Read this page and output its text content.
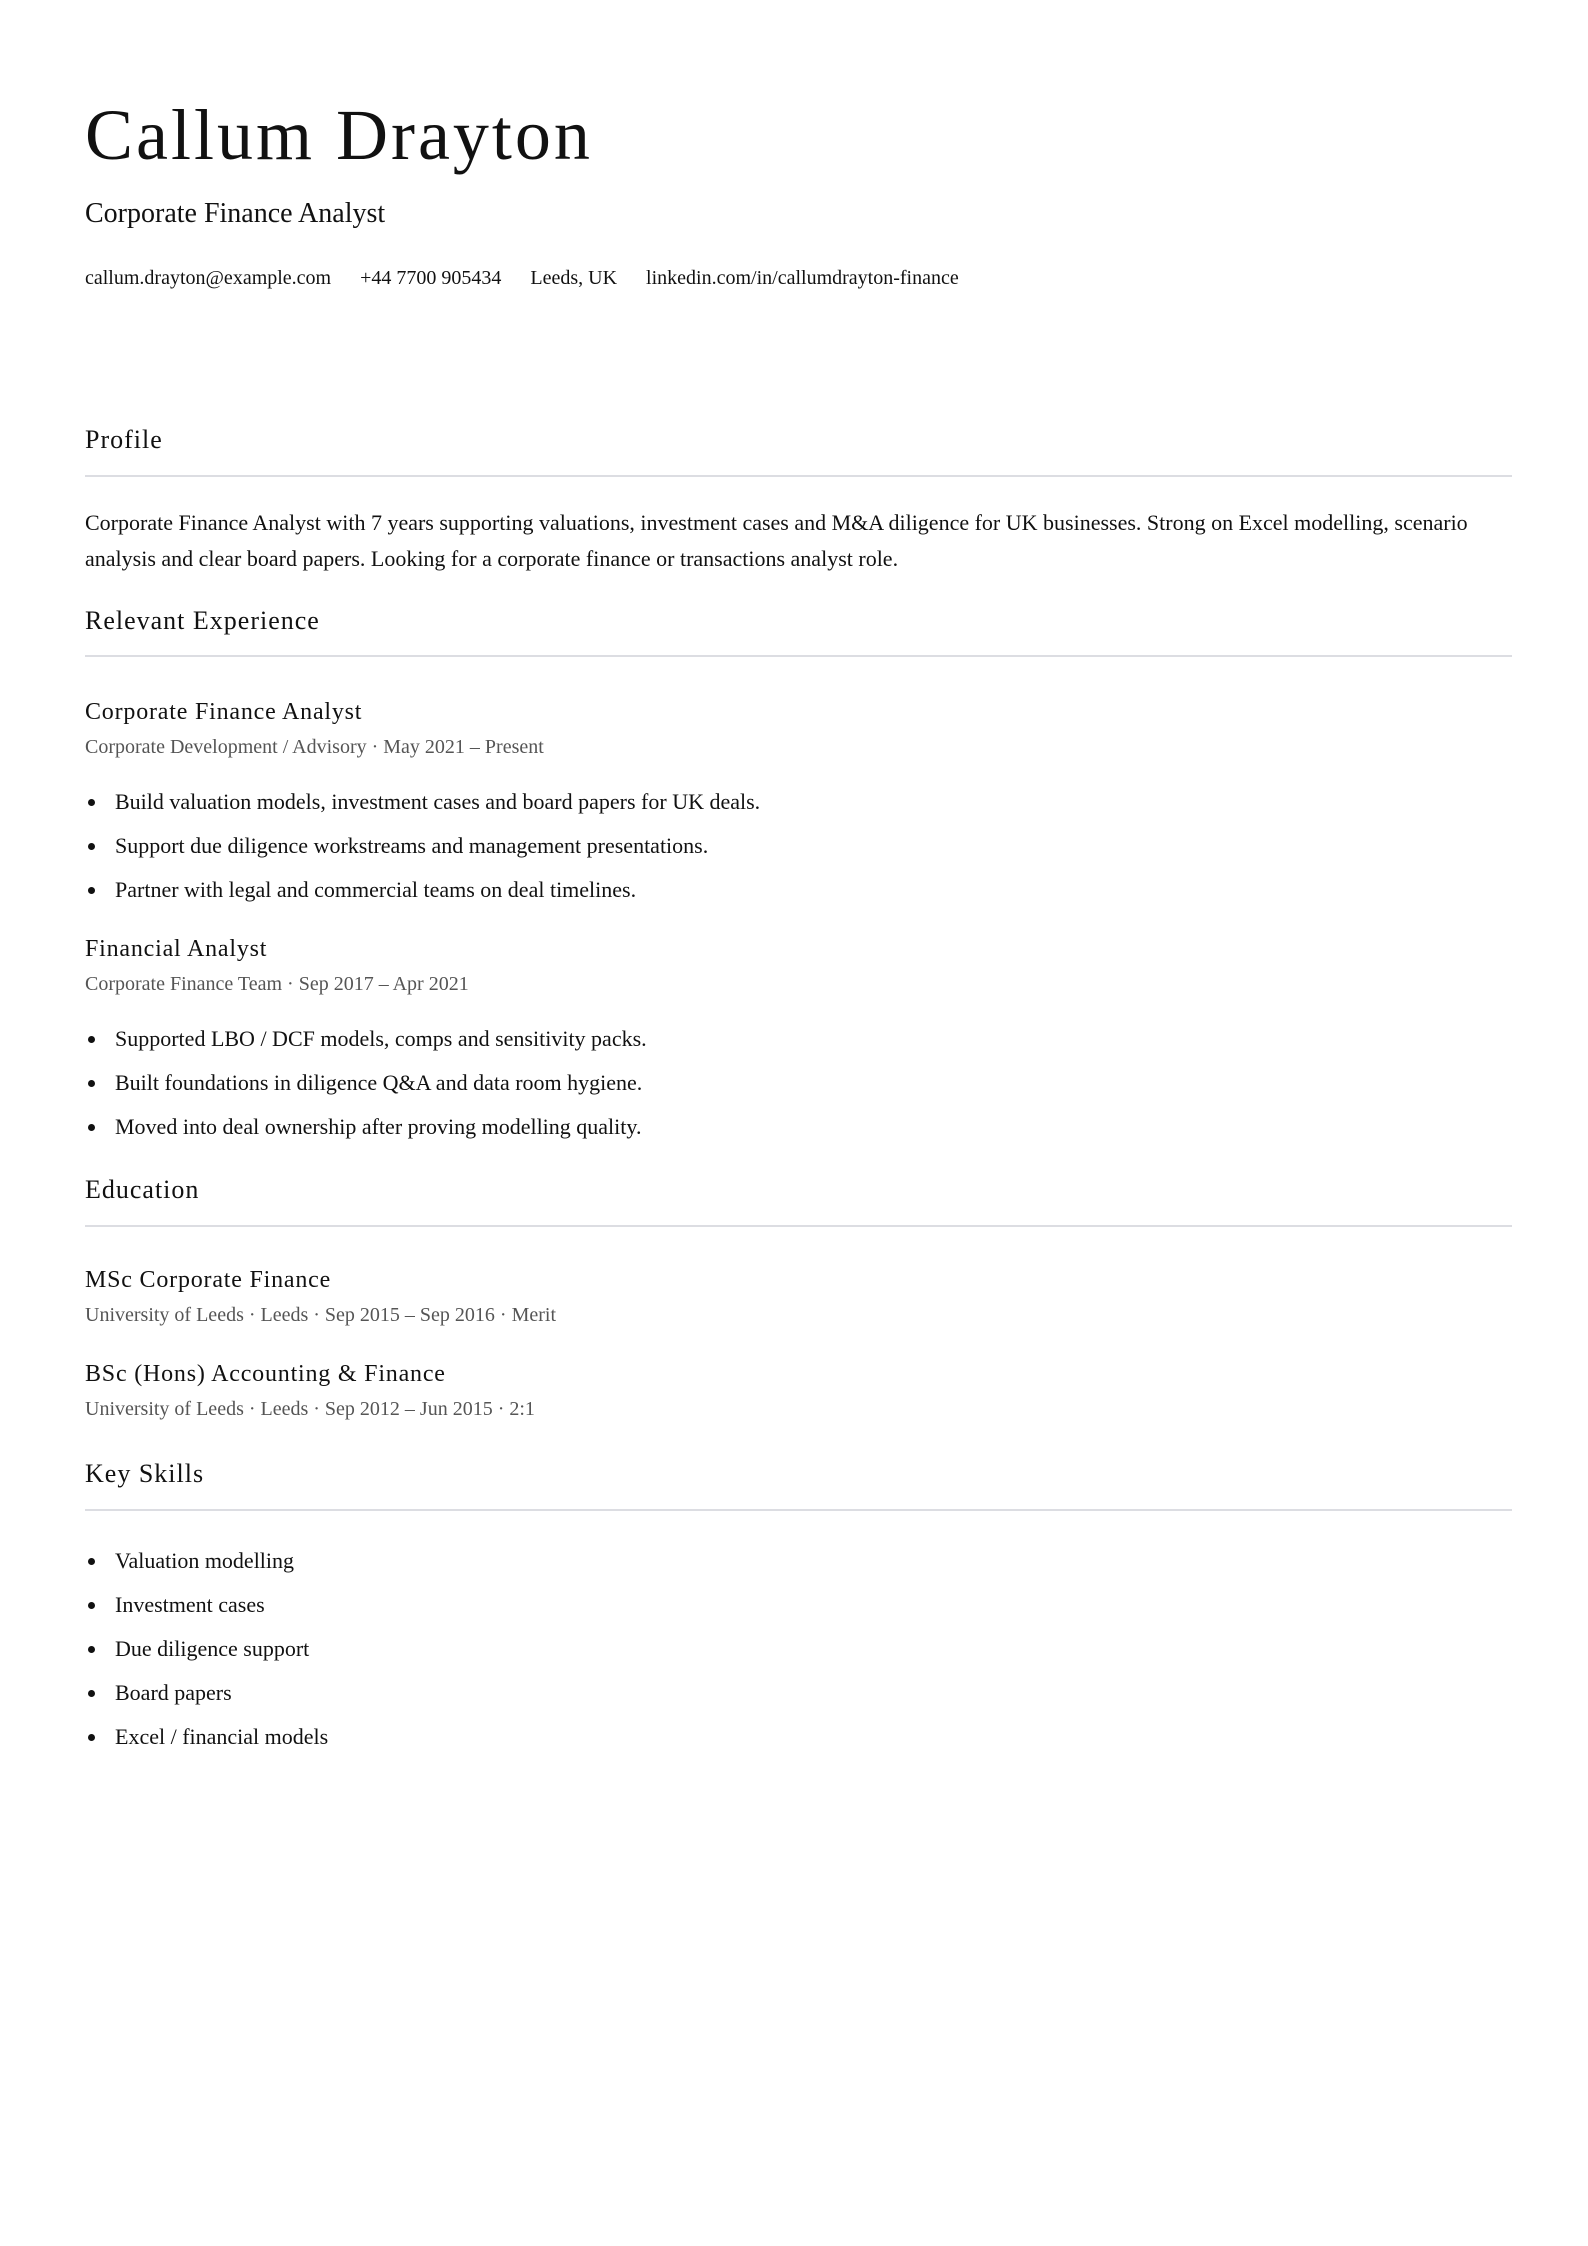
Callum Drayton
Corporate Finance Analyst
callum.drayton@example.com +44 7700 905434 Leeds, UK linkedin.com/in/callumdrayton-finance
Profile
Corporate Finance Analyst with 7 years supporting valuations, investment cases and M&A diligence for UK businesses. Strong on Excel modelling, scenario analysis and clear board papers. Looking for a corporate finance or transactions analyst role.
Relevant Experience
Corporate Finance Analyst
Corporate Development / Advisory · May 2021 – Present
Build valuation models, investment cases and board papers for UK deals.
Support due diligence workstreams and management presentations.
Partner with legal and commercial teams on deal timelines.
Financial Analyst
Corporate Finance Team · Sep 2017 – Apr 2021
Supported LBO / DCF models, comps and sensitivity packs.
Built foundations in diligence Q&A and data room hygiene.
Moved into deal ownership after proving modelling quality.
Education
MSc Corporate Finance
University of Leeds · Leeds · Sep 2015 – Sep 2016 · Merit
BSc (Hons) Accounting & Finance
University of Leeds · Leeds · Sep 2012 – Jun 2015 · 2:1
Key Skills
Valuation modelling
Investment cases
Due diligence support
Board papers
Excel / financial models
